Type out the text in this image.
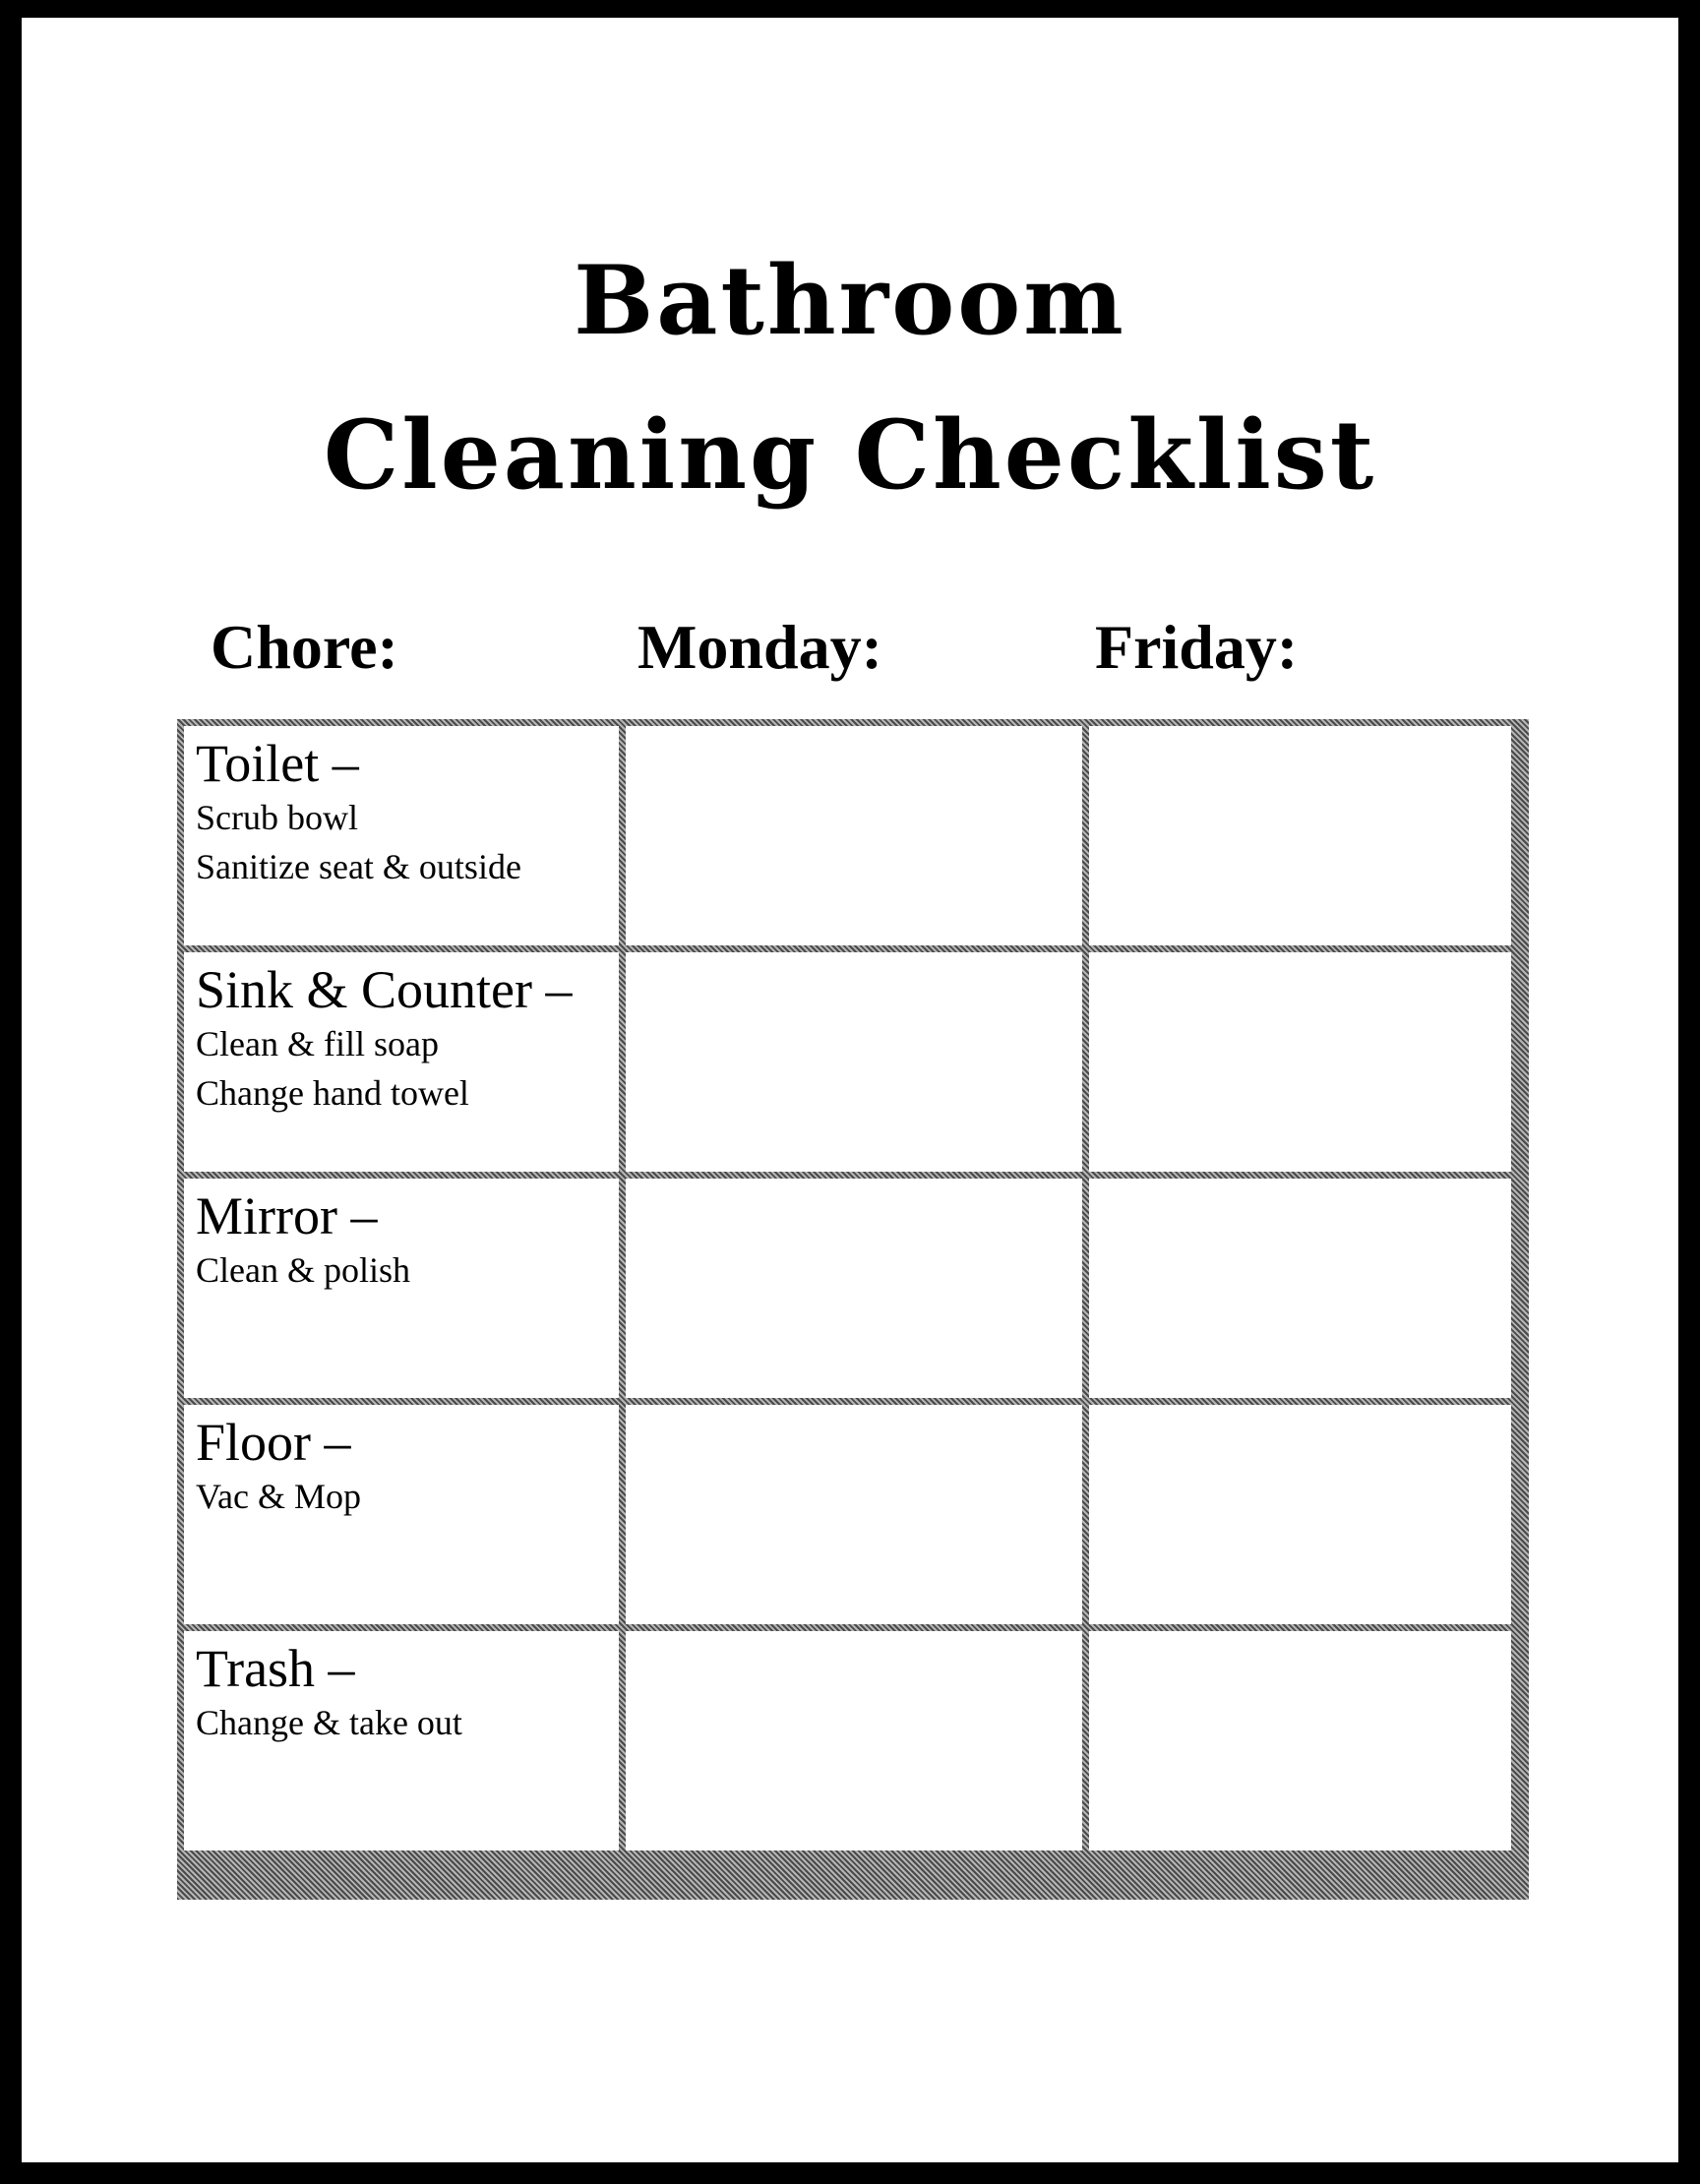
Bathroom
Cleaning Checklist
Chore:	Monday:	Friday:
Toilet –
Scrub bowl
Sanitize seat & outside
Sink & Counter –
Clean & fill soap
Change hand towel
Mirror –
Clean & polish
Floor –
Vac & Mop
Trash –
Change & take out
